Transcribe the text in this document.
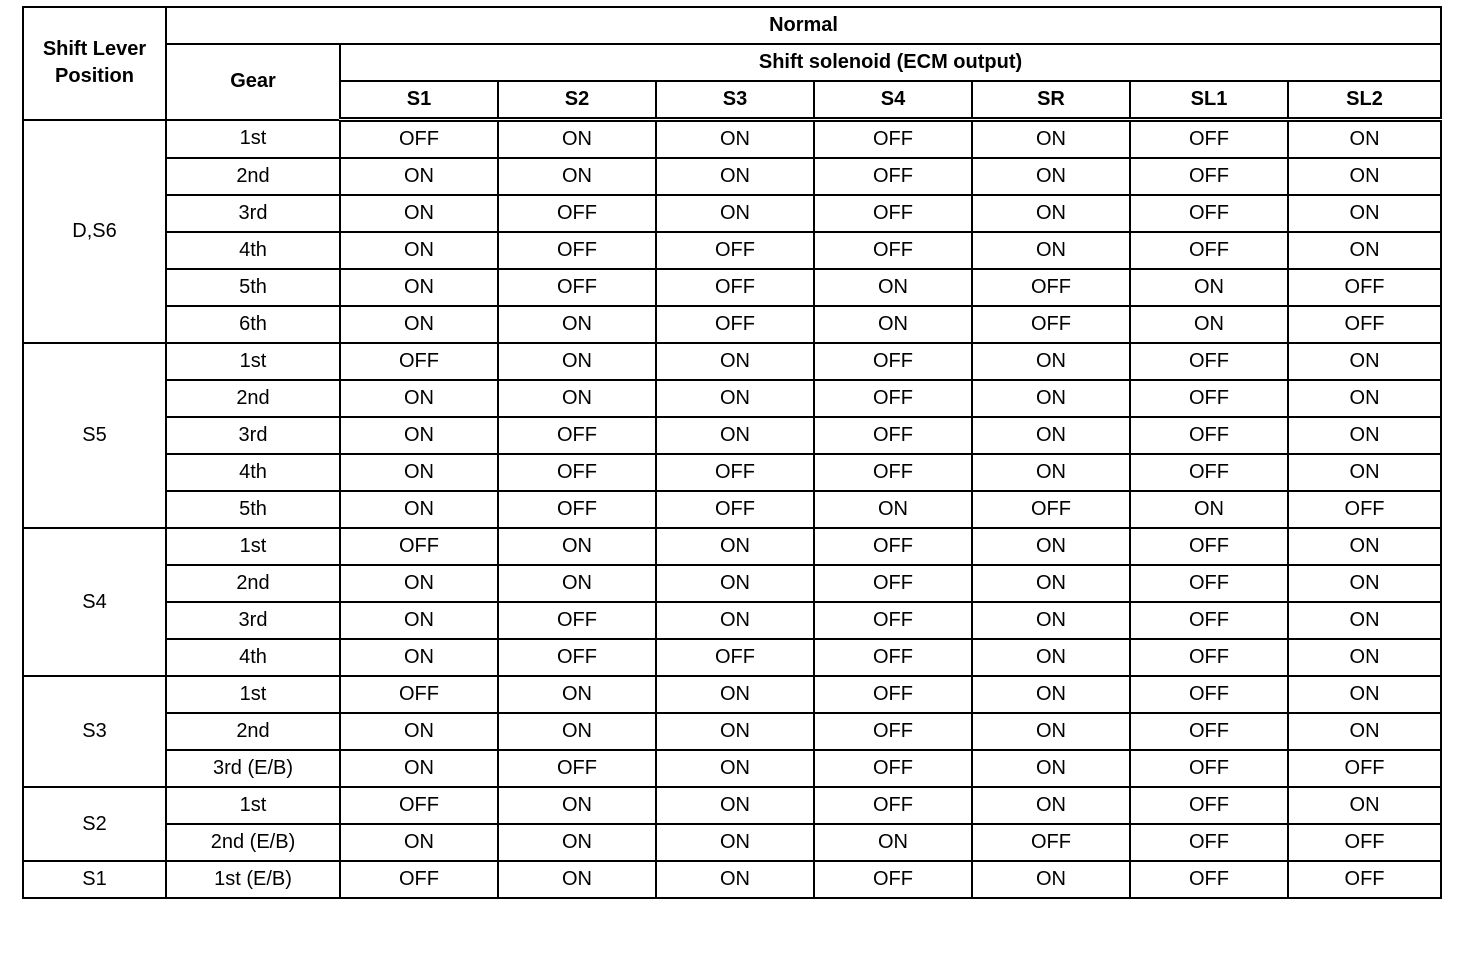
Shift Lever Position	Normal							
	Gear	Shift solenoid (ECM output)						
		S1	S2	S3	S4	SR	SL1	SL2
D,S6	1st	OFF	ON	ON	OFF	ON	OFF	ON
	2nd	ON	ON	ON	OFF	ON	OFF	ON
	3rd	ON	OFF	ON	OFF	ON	OFF	ON
	4th	ON	OFF	OFF	OFF	ON	OFF	ON
	5th	ON	OFF	OFF	ON	OFF	ON	OFF
	6th	ON	ON	OFF	ON	OFF	ON	OFF
S5	1st	OFF	ON	ON	OFF	ON	OFF	ON
	2nd	ON	ON	ON	OFF	ON	OFF	ON
	3rd	ON	OFF	ON	OFF	ON	OFF	ON
	4th	ON	OFF	OFF	OFF	ON	OFF	ON
	5th	ON	OFF	OFF	ON	OFF	ON	OFF
S4	1st	OFF	ON	ON	OFF	ON	OFF	ON
	2nd	ON	ON	ON	OFF	ON	OFF	ON
	3rd	ON	OFF	ON	OFF	ON	OFF	ON
	4th	ON	OFF	OFF	OFF	ON	OFF	ON
S3	1st	OFF	ON	ON	OFF	ON	OFF	ON
	2nd	ON	ON	ON	OFF	ON	OFF	ON
	3rd (E/B)	ON	OFF	ON	OFF	ON	OFF	OFF
S2	1st	OFF	ON	ON	OFF	ON	OFF	ON
	2nd (E/B)	ON	ON	ON	ON	OFF	OFF	OFF
S1	1st (E/B)	OFF	ON	ON	OFF	ON	OFF	OFF
